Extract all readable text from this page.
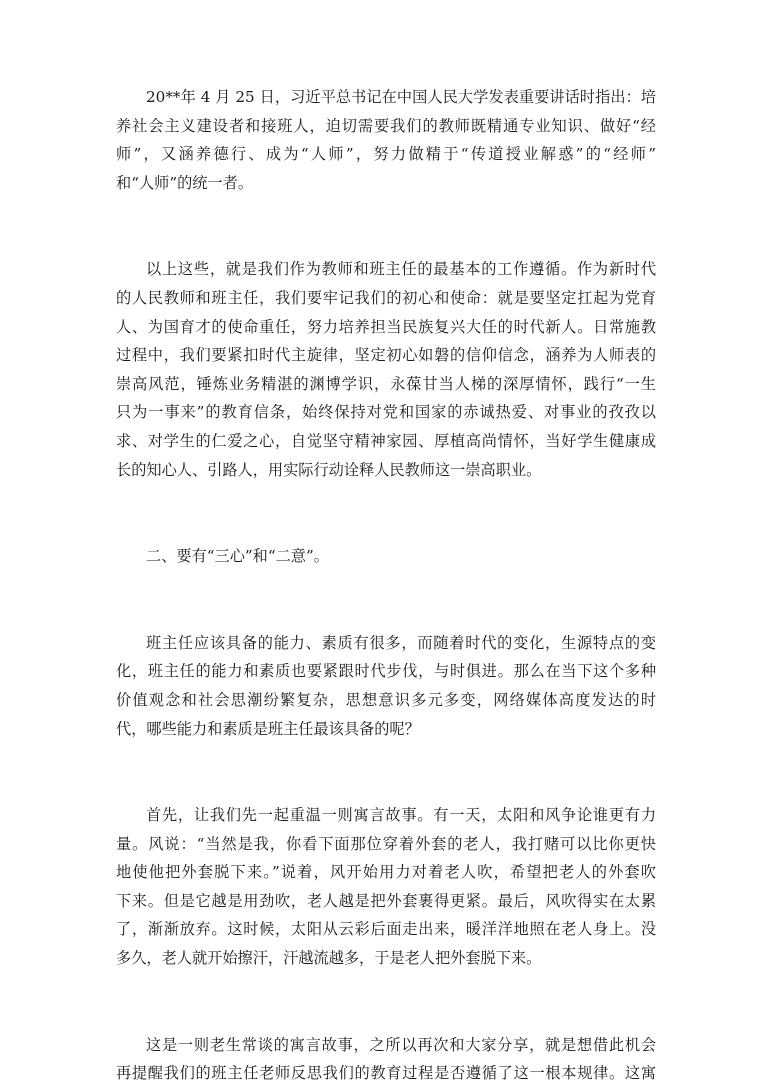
20**年 4 月 25 日，习近平总书记在中国人民大学发表重要讲话时指出：培
养社会主义建设者和接班人，迫切需要我们的教师既精通专业知识、做好“经
师”，又涵养德行、成为“人师”，努力做精于“传道授业解惑”的“经师”
和“人师”的统一者。

以上这些，就是我们作为教师和班主任的最基本的工作遵循。作为新时代
的人民教师和班主任，我们要牢记我们的初心和使命：就是要坚定扛起为党育
人、为国育才的使命重任，努力培养担当民族复兴大任的时代新人。日常施教
过程中，我们要紧扣时代主旋律，坚定初心如磐的信仰信念，涵养为人师表的
崇高风范，锤炼业务精湛的渊博学识，永葆甘当人梯的深厚情怀，践行“一生
只为一事来”的教育信条，始终保持对党和国家的赤诚热爱、对事业的孜孜以
求、对学生的仁爱之心，自觉坚守精神家园、厚植高尚情怀，当好学生健康成
长的知心人、引路人，用实际行动诠释人民教师这一崇高职业。

二、要有“三心”和“二意”。

班主任应该具备的能力、素质有很多，而随着时代的变化，生源特点的变
化，班主任的能力和素质也要紧跟时代步伐，与时俱进。那么在当下这个多种
价值观念和社会思潮纷繁复杂，思想意识多元多变，网络媒体高度发达的时
代，哪些能力和素质是班主任最该具备的呢？

首先，让我们先一起重温一则寓言故事。有一天，太阳和风争论谁更有力
量。风说：“当然是我，你看下面那位穿着外套的老人，我打赌可以比你更快
地使他把外套脱下来。”说着，风开始用力对着老人吹，希望把老人的外套吹
下来。但是它越是用劲吹，老人越是把外套裹得更紧。最后，风吹得实在太累
了，渐渐放弃。这时候，太阳从云彩后面走出来，暖洋洋地照在老人身上。没
多久，老人就开始擦汗，汗越流越多，于是老人把外套脱下来。

这是一则老生常谈的寓言故事，之所以再次和大家分享，就是想借此机会
再提醒我们的班主任老师反思我们的教育过程是否遵循了这一根本规律。这寓
